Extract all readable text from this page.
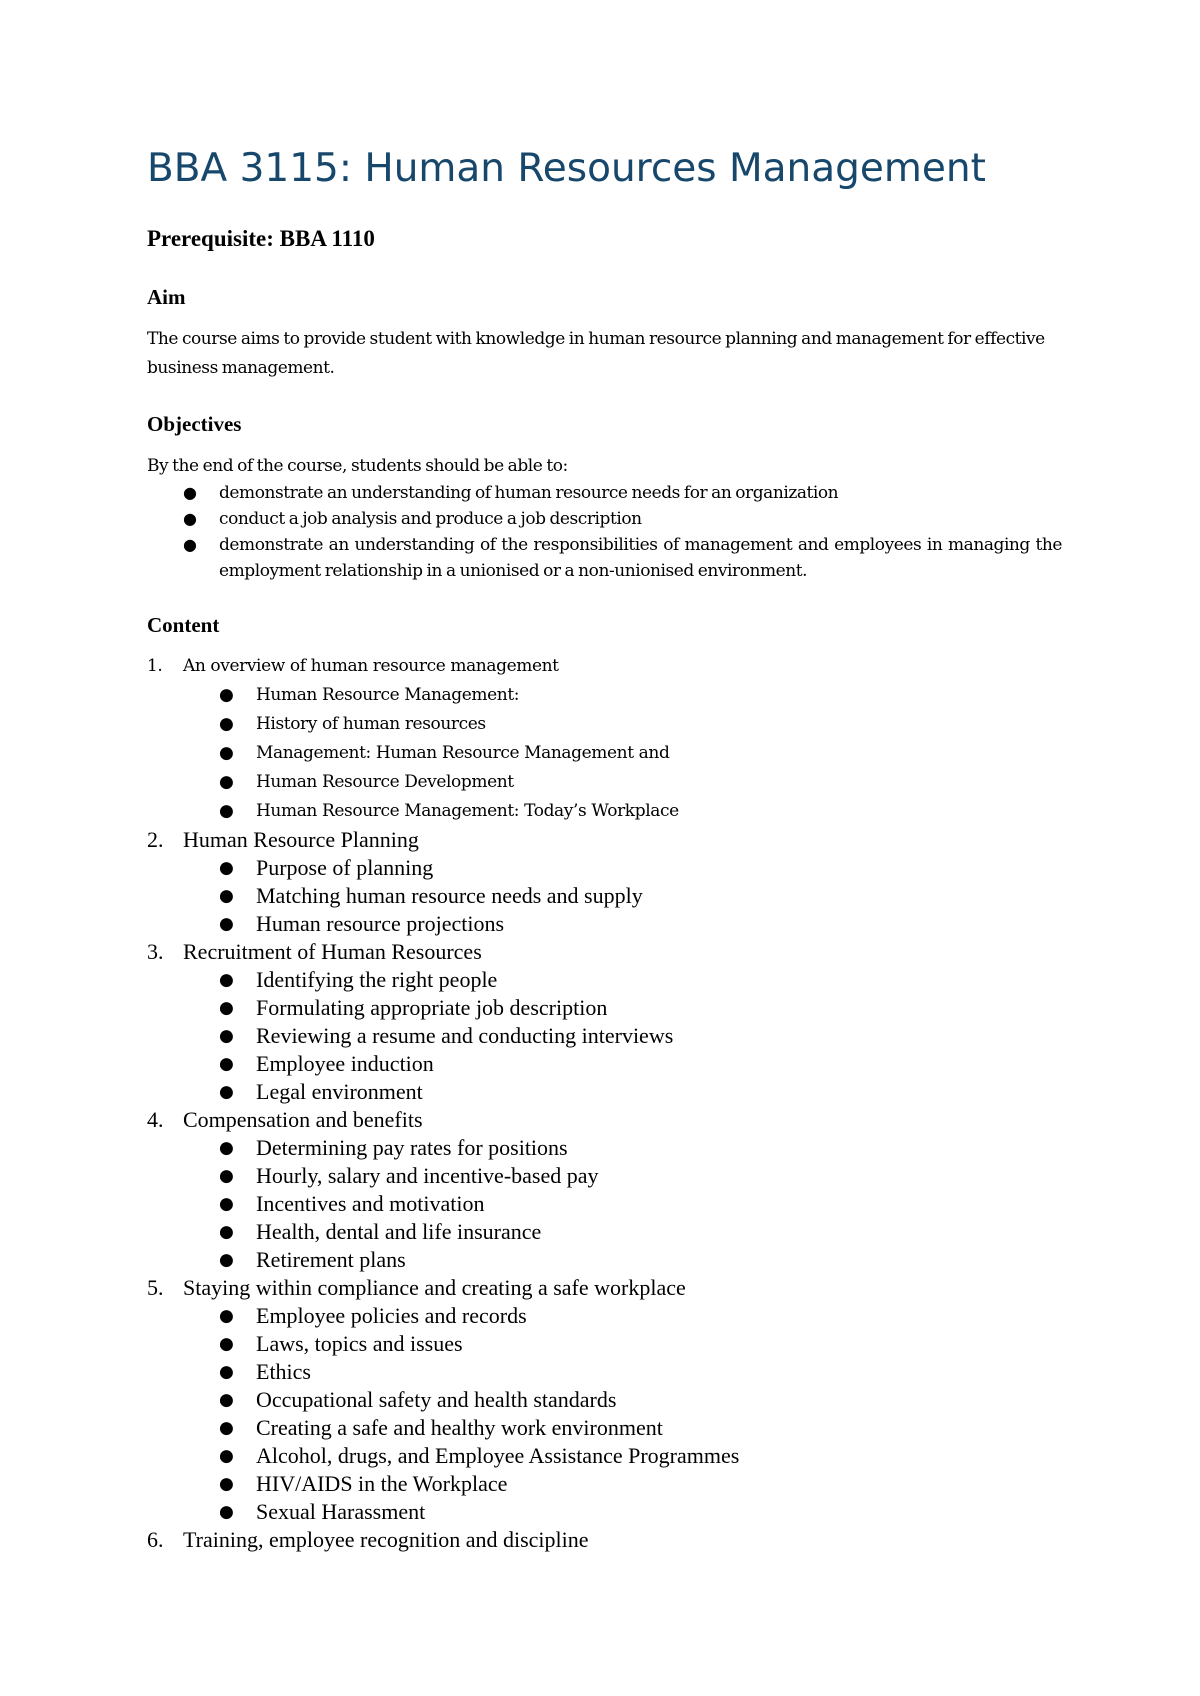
BBA 3115: Human Resources Management

Prerequisite: BBA 1110

Aim

The course aims to provide student with knowledge in human resource planning and management for effective business management.

Objectives

By the end of the course, students should be able to:

● demonstrate an understanding of human resource needs for an organization
● conduct a job analysis and produce a job description
● demonstrate an understanding of the responsibilities of management and employees in managing the employment relationship in a unionised or a non-unionised environment.
Content
1.	An overview of human resource management
● Human Resource Management:
● History of human resources
● Management: Human Resource Management and
● Human Resource Development
● Human Resource Management: Today’s Workplace
2. Human Resource Planning
● Purpose of planning
● Matching human resource needs and supply
● Human resource projections
3. Recruitment of Human Resources
● Identifying the right people
● Formulating appropriate job description
● Reviewing a resume and conducting interviews
● Employee induction
● Legal environment
4. Compensation and benefits
● Determining pay rates for positions
● Hourly, salary and incentive-based pay
● Incentives and motivation
● Health, dental and life insurance
● Retirement plans
5. Staying within compliance and creating a safe workplace
● Employee policies and records
● Laws, topics and issues
● Ethics
● Occupational safety and health standards
● Creating a safe and healthy work environment
● Alcohol, drugs, and Employee Assistance Programmes
● HIV/AIDS in the Workplace
● Sexual Harassment
6. Training, employee recognition and discipline
